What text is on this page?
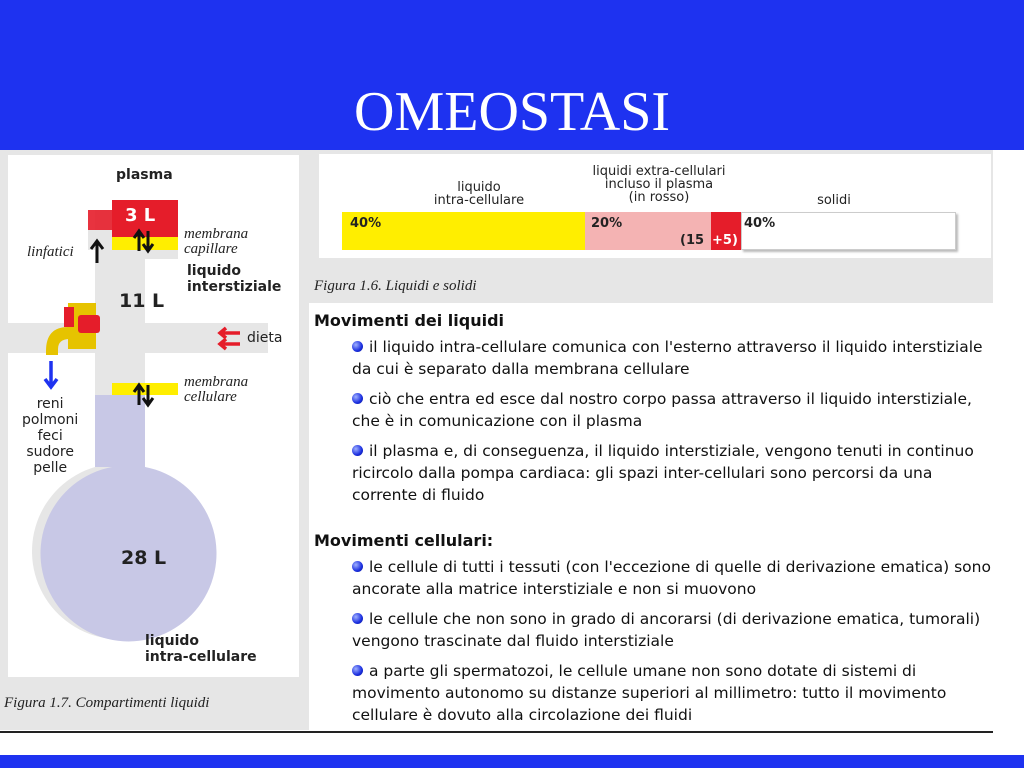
OMEOSTASI
plasma
3 L
membrana
capillare
linfatici
liquido
interstiziale
11 L
dieta
reni
polmoni
feci
sudore
pelle
membrana
cellulare
28 L
liquido
intra-cellulare
Figura 1.7. Compartimenti liquidi
liquido
intra-cellulare
liquidi extra-cellulari
incluso il plasma
(in rosso)	solidi
40%	20%
(15 +5)
40%
Figura 1.6. Liquidi e solidi
Movimenti dei liquidi
il liquido intra-cellulare comunica con l'esterno attraverso il liquido interstiziale da cui è separato dalla membrana cellulare
ciò che entra ed esce dal nostro corpo passa attraverso il liquido interstiziale, che è in comunicazione con il plasma
il plasma e, di conseguenza, il liquido interstiziale, vengono tenuti in continuo ricircolo dalla pompa cardiaca: gli spazi inter-cellulari sono percorsi da una corrente di fluido
Movimenti cellulari:
le cellule di tutti i tessuti (con l'eccezione di quelle di derivazione ematica) sono ancorate alla matrice interstiziale e non si muovono
le cellule che non sono in grado di ancorarsi (di derivazione ematica, tumorali) vengono trascinate dal fluido interstiziale
a parte gli spermatozoi, le cellule umane non sono dotate di sistemi di movimento autonomo su distanze superiori al millimetro: tutto il movimento cellulare è dovuto alla circolazione dei fluidi
